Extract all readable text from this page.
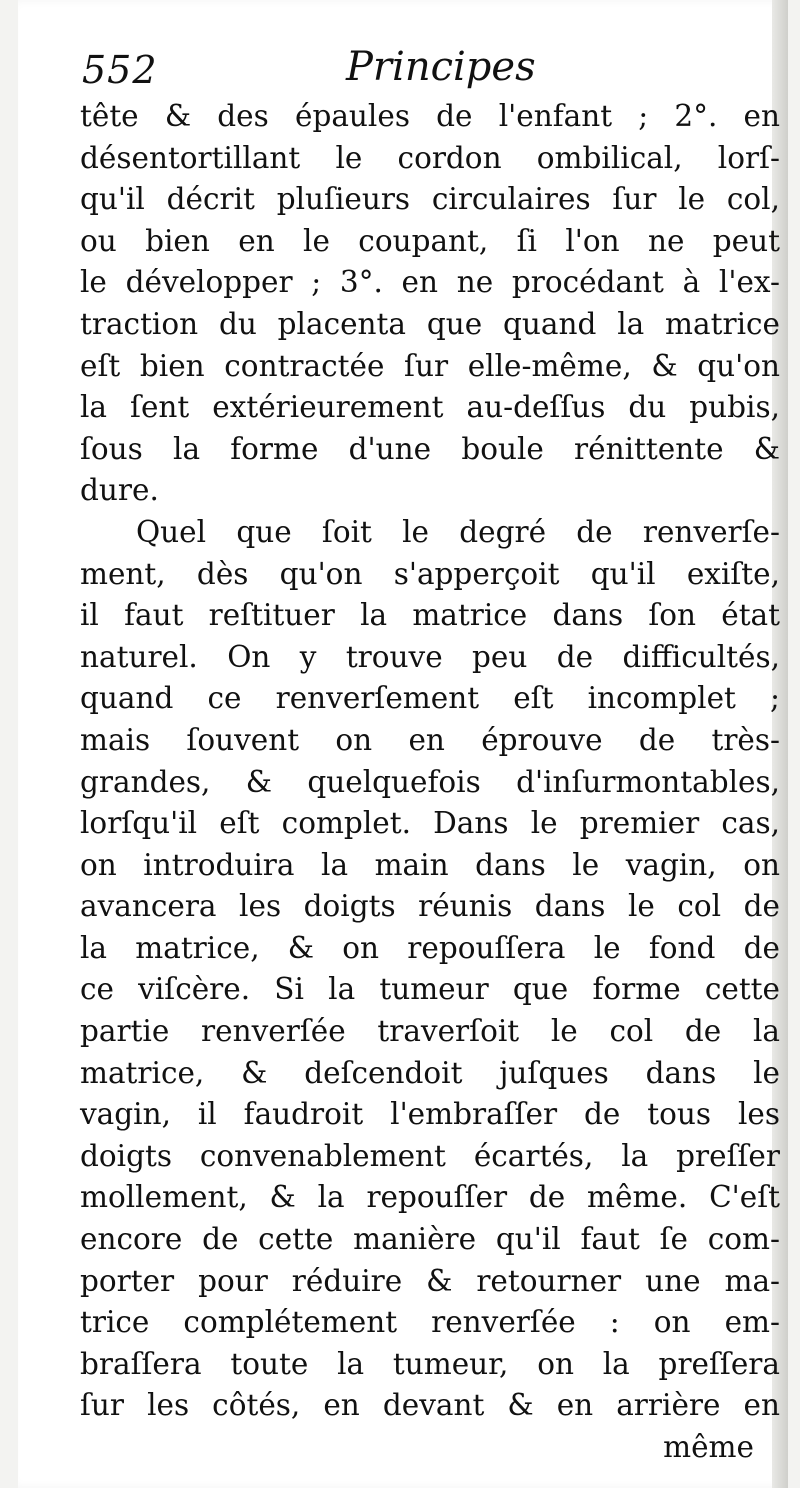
552	Principes
tête & des épaules de l'enfant ; 2°. en
désentortillant le cordon ombilical, lorſ-
qu'il décrit pluſieurs circulaires ſur le col,
ou bien en le coupant, ſi l'on ne peut
le développer ; 3°. en ne procédant à l'ex-
traction du placenta que quand la matrice
eſt bien contractée ſur elle-même, & qu'on
la ſent extérieurement au-deſſus du pubis,
ſous la forme d'une boule rénittente &
dure.
Quel que ſoit le degré de renverſe-
ment, dès qu'on s'apperçoit qu'il exiſte,
il faut reſtituer la matrice dans ſon état
naturel. On y trouve peu de difficultés,
quand ce renverſement eſt incomplet ;
mais ſouvent on en éprouve de très-
grandes, & quelquefois d'inſurmontables,
lorſqu'il eſt complet. Dans le premier cas,
on introduira la main dans le vagin, on
avancera les doigts réunis dans le col de
la matrice, & on repouſſera le fond de
ce viſcère. Si la tumeur que forme cette
partie renverſée traverſoit le col de la
matrice, & deſcendoit juſques dans le
vagin, il faudroit l'embraſſer de tous les
doigts convenablement écartés, la preſſer
mollement, & la repouſſer de même. C'eſt
encore de cette manière qu'il faut ſe com-
porter pour réduire & retourner une ma-
trice complétement renverſée : on em-
braſſera toute la tumeur, on la preſſera
ſur les côtés, en devant & en arrière en
même
